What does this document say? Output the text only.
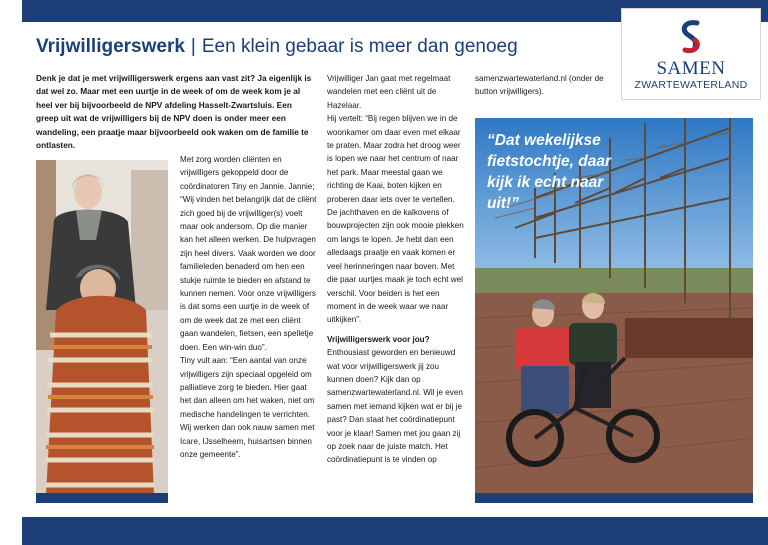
SAMEN
ZWARTEWATERLAND
Vrijwilligerswerk | Een klein gebaar is meer dan genoeg

Denk je dat je met vrijwilligerswerk ergens aan vast zit? Ja eigenlijk is dat wel zo. Maar met een uurtje in de week of om de week kom je al heel ver bij bijvoorbeeld de NPV afdeling Hasselt-Zwartsluis. Een greep uit wat de vrijwilligers bij de NPV doen is onder meer een wandeling, een praatje maar bijvoorbeeld ook waken om de familie te ontlasten.

Met zorg worden cliënten en vrijwilligers gekoppeld door de coördinatoren Tiny en Jannie. Jannie; “Wij vinden het belangrijk dat de cliënt zich goed bij de vrijwilliger(s) voelt maar ook andersom. Op die manier kan het alleen werken. De hulpvragen zijn heel divers. Vaak worden we door familieleden benaderd om hen een stukje ruimte te bieden en afstand te kunnen nemen. Voor onze vrijwilligers is dat soms een uurtje in de week of om de week dat ze met een cliënt gaan wandelen, fietsen, een spelletje doen. Een win-win duo”.

Tiny vult aan: “Een aantal van onze vrijwilligers zijn speciaal opgeleid om palliatieve zorg te bieden. Hier gaat het dan alleen om het waken, niet om medische handelingen te verrichten. Wij werken dan ook nauw samen met Icare, IJsselheem, huisartsen binnen onze gemeente”.

Vrijwilliger Jan gaat met regelmaat wandelen met een cliënt uit de Hazelaar.

Hij vertelt: “Bij regen blijven we in de woonkamer om daar even met elkaar te praten. Maar zodra het droog weer is lopen we naar het centrum of naar het park. Maar meestal gaan we richting de Kaai, boten kijken en proberen daar iets over te vertellen. De jachthaven en de kalkovens of bouwprojecten zijn ook mooie plekken om langs te lopen. Je hebt dan een alledaags praatje en vaak komen er veel herinneringen naar boven. Met die paar uurtjes maak je toch echt wel verschil. Voor beiden is het een moment in de week waar we naar uitkijken”.

Vrijwilligerswerk voor jou?

Enthousiast geworden en benieuwd wat voor vrijwilligerswerk jij zou kunnen doen? Kijk dan op samenzwartewaterland.nl. Wil je even samen met iemand kijken wat er bij je past? Dan staat het coördinatiepunt voor je klaar! Samen met jou gaan zij op zoek naar de juiste match. Het coördinatiepunt is te vinden op

samenzwartewaterland.nl (onder de button vrijwilligers).

“Dat wekelijkse fietstochtje, daar kijk ik echt naar uit!”
